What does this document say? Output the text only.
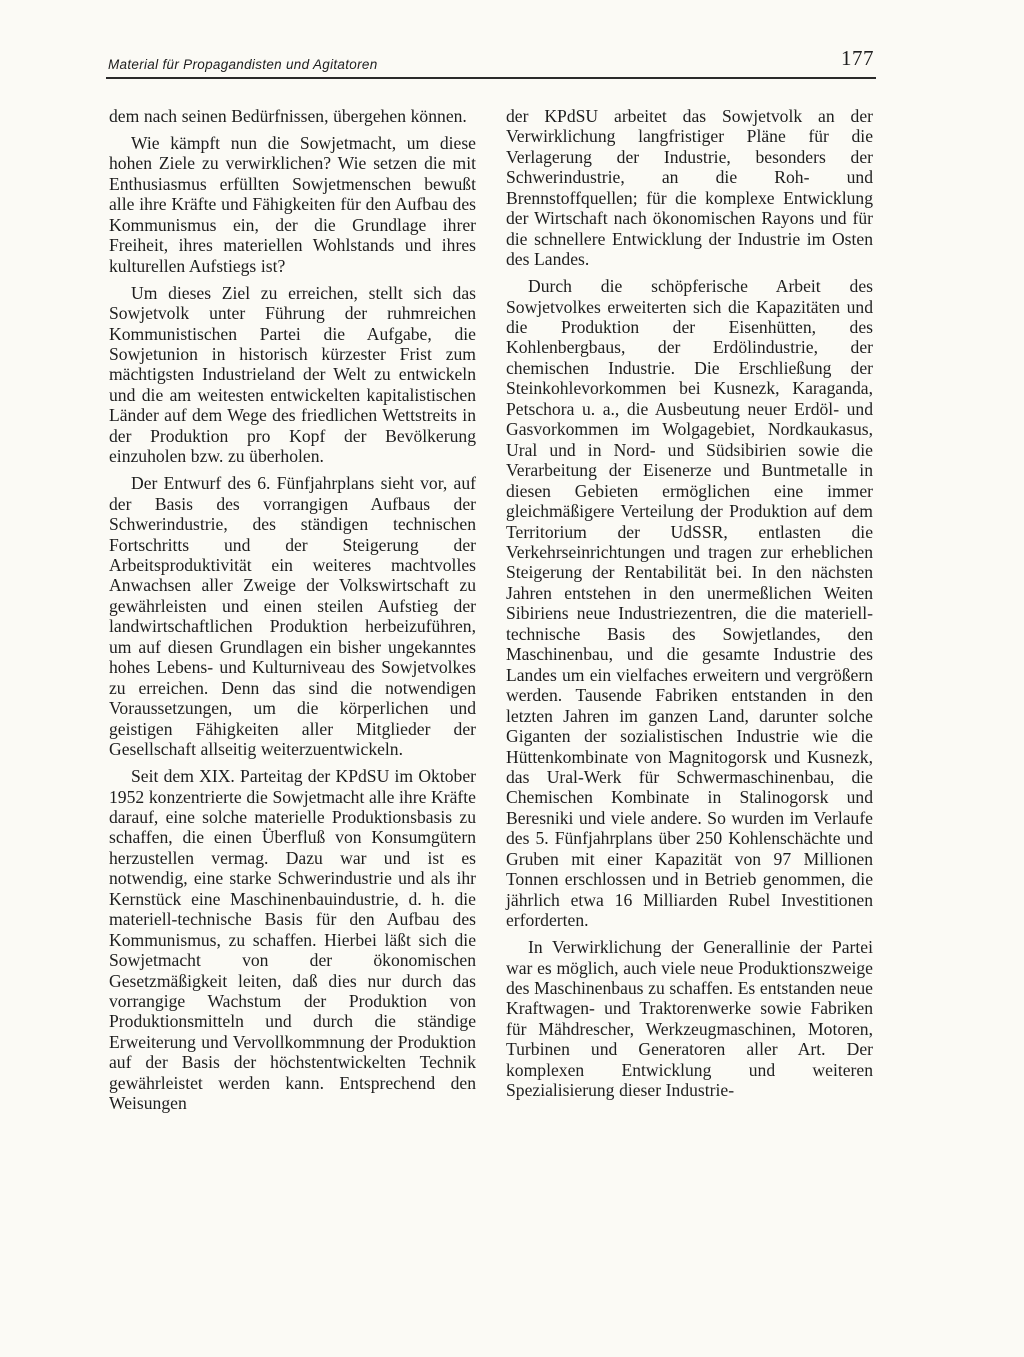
Material für Propagandisten und Agitatoren	177

dem nach seinen Bedürfnissen, übergehen können.

Wie kämpft nun die Sowjetmacht, um diese hohen Ziele zu verwirklichen? Wie setzen die mit Enthusiasmus erfüllten Sowjetmenschen bewußt alle ihre Kräfte und Fähigkeiten für den Aufbau des Kommunismus ein, der die Grundlage ihrer Freiheit, ihres materiellen Wohlstands und ihres kulturellen Aufstiegs ist?

Um dieses Ziel zu erreichen, stellt sich das Sowjetvolk unter Führung der ruhmreichen Kommunistischen Partei die Aufgabe, die Sowjetunion in historisch kürzester Frist zum mächtigsten Industrieland der Welt zu entwickeln und die am weitesten entwickelten kapitalistischen Länder auf dem Wege des friedlichen Wettstreits in der Produktion pro Kopf der Bevölkerung einzuholen bzw. zu überholen.

Der Entwurf des 6. Fünfjahrplans sieht vor, auf der Basis des vorrangigen Aufbaus der Schwerindustrie, des ständigen technischen Fortschritts und der Steigerung der Arbeitsproduktivität ein weiteres machtvolles Anwachsen aller Zweige der Volkswirtschaft zu gewährleisten und einen steilen Aufstieg der landwirtschaftlichen Produktion herbeizuführen, um auf diesen Grundlagen ein bisher ungekanntes hohes Lebens- und Kulturniveau des Sowjetvolkes zu erreichen. Denn das sind die notwendigen Voraussetzungen, um die körperlichen und geistigen Fähigkeiten aller Mitglieder der Gesellschaft allseitig weiterzuentwickeln.

Seit dem XIX. Parteitag der KPdSU im Oktober 1952 konzentrierte die Sowjetmacht alle ihre Kräfte darauf, eine solche materielle Produktionsbasis zu schaffen, die einen Überfluß von Konsumgütern herzustellen vermag. Dazu war und ist es notwendig, eine starke Schwerindustrie und als ihr Kernstück eine Maschinenbauindustrie, d. h. die materiell-technische Basis für den Aufbau des Kommunismus, zu schaffen. Hierbei läßt sich die Sowjetmacht von der ökonomischen Gesetzmäßigkeit leiten, daß dies nur durch das vorrangige Wachstum der Produktion von Produktionsmitteln und durch die ständige Erweiterung und Vervollkommnung der Produktion auf der Basis der höchstentwickelten Technik gewährleistet werden kann. Entsprechend den Weisungen

der KPdSU arbeitet das Sowjetvolk an der Verwirklichung langfristiger Pläne für die Verlagerung der Industrie, besonders der Schwerindustrie, an die Roh- und Brennstoffquellen; für die komplexe Entwicklung der Wirtschaft nach ökonomischen Rayons und für die schnellere Entwicklung der Industrie im Osten des Landes.

Durch die schöpferische Arbeit des Sowjetvolkes erweiterten sich die Kapazitäten und die Produktion der Eisenhütten, des Kohlenbergbaus, der Erdölindustrie, der chemischen Industrie. Die Erschließung der Steinkohlevorkommen bei Kusnezk, Karaganda, Petschora u. a., die Ausbeutung neuer Erdöl- und Gasvorkommen im Wolgagebiet, Nordkaukasus, Ural und in Nord- und Südsibirien sowie die Verarbeitung der Eisenerze und Buntmetalle in diesen Gebieten ermöglichen eine immer gleichmäßigere Verteilung der Produktion auf dem Territorium der UdSSR, entlasten die Verkehrseinrichtungen und tragen zur erheblichen Steigerung der Rentabilität bei. In den nächsten Jahren entstehen in den unermeßlichen Weiten Sibiriens neue Industriezentren, die die materiell-technische Basis des Sowjetlandes, den Maschinenbau, und die gesamte Industrie des Landes um ein vielfaches erweitern und vergrößern werden. Tausende Fabriken entstanden in den letzten Jahren im ganzen Land, darunter solche Giganten der sozialistischen Industrie wie die Hüttenkombinate von Magnitogorsk und Kusnezk, das Ural-Werk für Schwermaschinenbau, die Chemischen Kombinate in Stalinogorsk und Beresniki und viele andere. So wurden im Verlaufe des 5. Fünfjahrplans über 250 Kohlenschächte und Gruben mit einer Kapazität von 97 Millionen Tonnen erschlossen und in Betrieb genommen, die jährlich etwa 16 Milliarden Rubel Investitionen erforderten.

In Verwirklichung der Generallinie der Partei war es möglich, auch viele neue Produktionszweige des Maschinenbaus zu schaffen. Es entstanden neue Kraftwagen- und Traktorenwerke sowie Fabriken für Mähdrescher, Werkzeugmaschinen, Motoren, Turbinen und Generatoren aller Art. Der komplexen Entwicklung und weiteren Spezialisierung dieser Industrie-
